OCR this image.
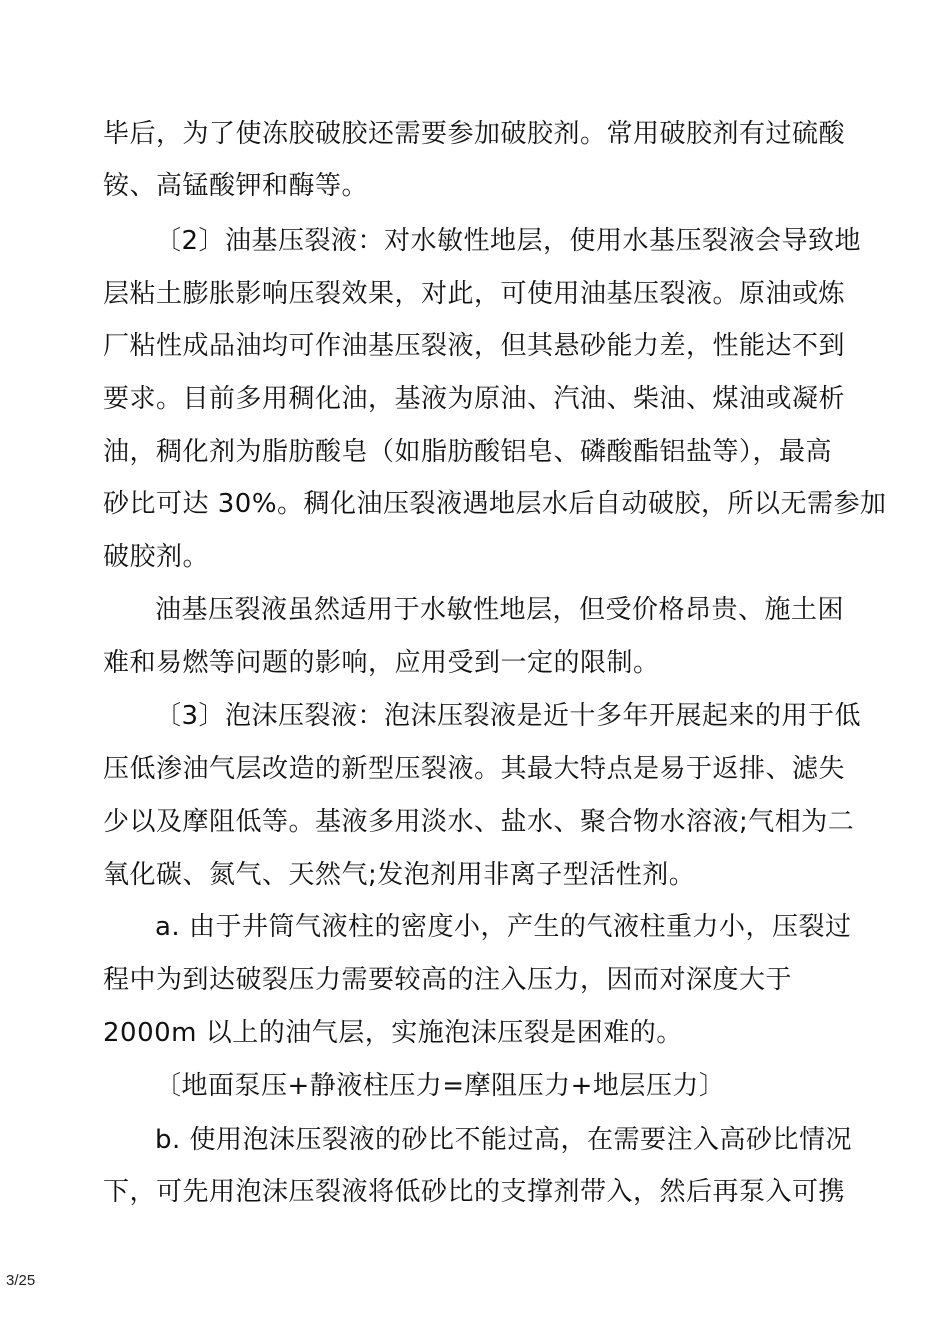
毕后，为了使冻胶破胶还需要参加破胶剂。常用破胶剂有过硫酸
铵、高锰酸钾和酶等。
〔2〕油基压裂液：对水敏性地层，使用水基压裂液会导致地
层粘土膨胀影响压裂效果，对此，可使用油基压裂液。原油或炼
厂粘性成品油均可作油基压裂液，但其悬砂能力差，性能达不到
要求。目前多用稠化油，基液为原油、汽油、柴油、煤油或凝析
油，稠化剂为脂肪酸皂（如脂肪酸铝皂、磷酸酯铝盐等），最高
砂比可达 30%。稠化油压裂液遇地层水后自动破胶，所以无需参加
破胶剂。
油基压裂液虽然适用于水敏性地层，但受价格昂贵、施土困
难和易燃等问题的影响，应用受到一定的限制。
〔3〕泡沫压裂液：泡沫压裂液是近十多年开展起来的用于低
压低渗油气层改造的新型压裂液。其最大特点是易于返排、滤失
少以及摩阻低等。基液多用淡水、盐水、聚合物水溶液;气相为二
氧化碳、氮气、天然气;发泡剂用非离子型活性剂。
a. 由于井筒气液柱的密度小，产生的气液柱重力小，压裂过
程中为到达破裂压力需要较高的注入压力，因而对深度大于
2000m 以上的油气层，实施泡沫压裂是困难的。
〔地面泵压+静液柱压力=摩阻压力+地层压力〕
b. 使用泡沫压裂液的砂比不能过高，在需要注入高砂比情况
下，可先用泡沫压裂液将低砂比的支撑剂带入，然后再泵入可携
3/25
